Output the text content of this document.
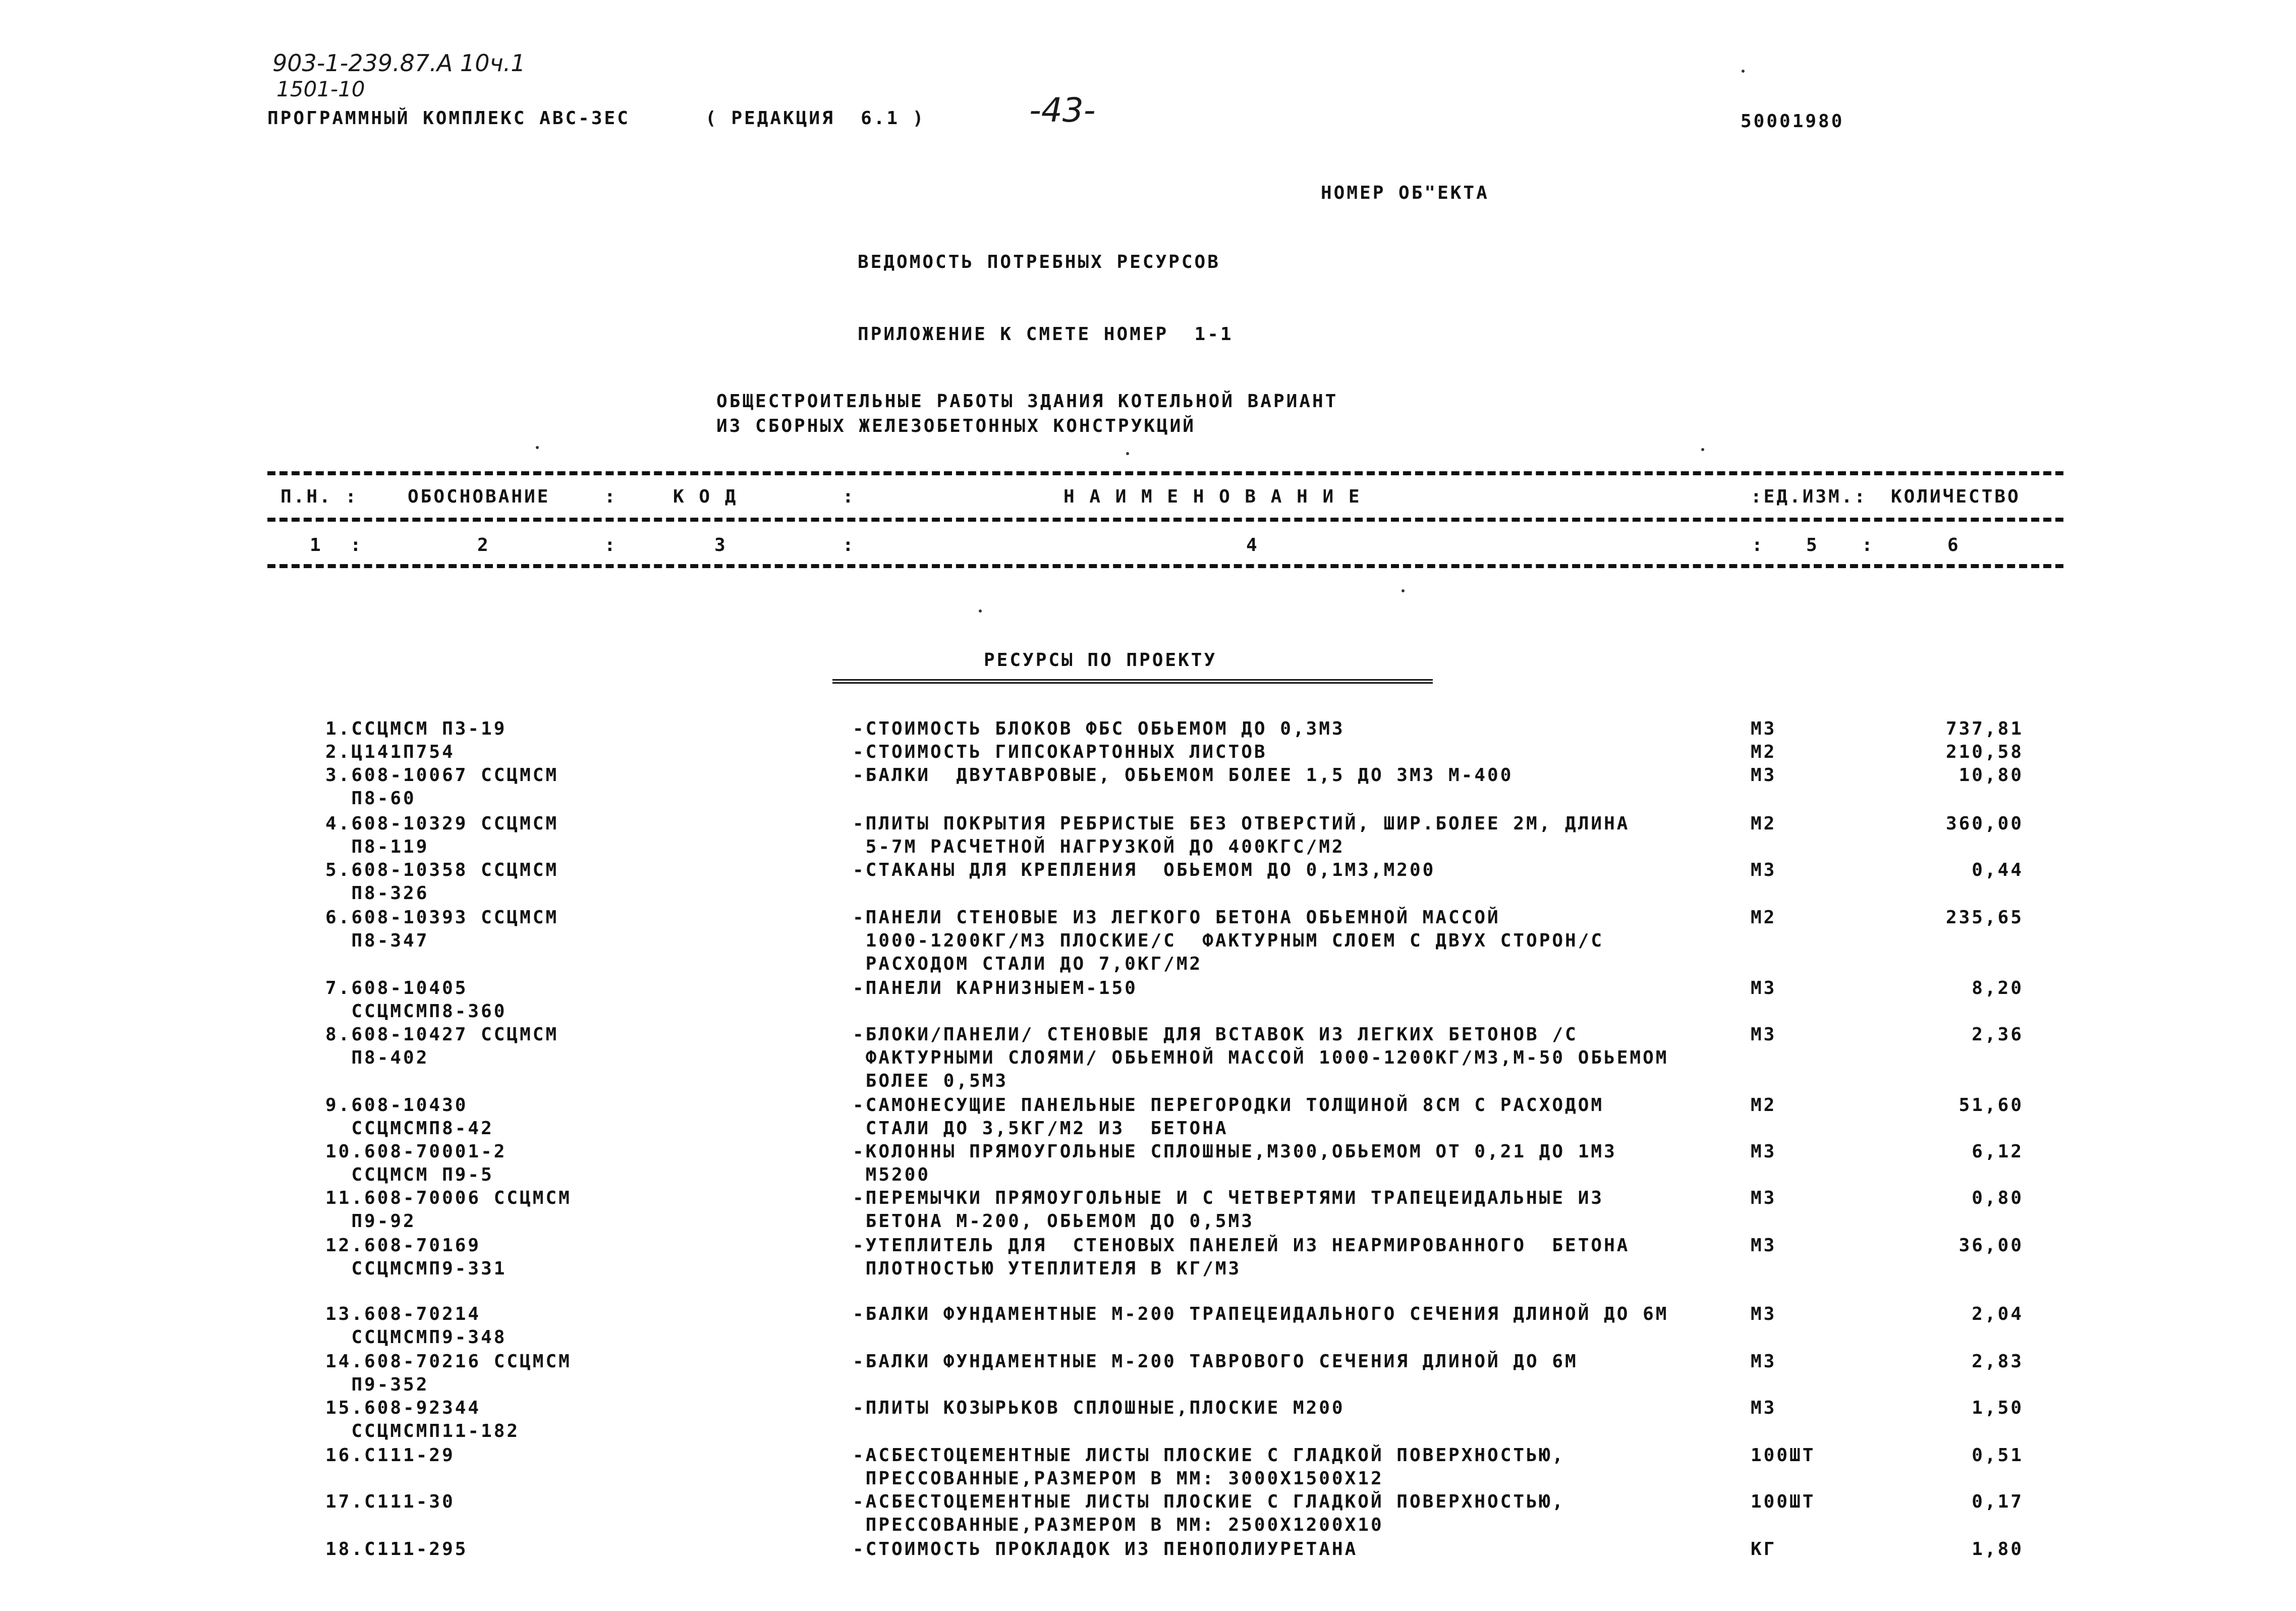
903-1-239.87.А 10ч.1
1501-10
ПРОГРАММНЫЙ КОМПЛЕКС АВС-3ЕС	( РЕДАКЦИЯ  6.1 )	-43-	50001980
НОМЕР ОБ"ЕКТА
ВЕДОМОСТЬ ПОТРЕБНЫХ РЕСУРСОВ
ПРИЛОЖЕНИЕ К СМЕТЕ НОМЕР  1-1
ОБЩЕСТРОИТЕЛЬНЫЕ РАБОТЫ ЗДАНИЯ КОТЕЛЬНОЙ ВАРИАНТ
ИЗ СБОРНЫХ ЖЕЛЕЗОБЕТОННЫХ КОНСТРУКЦИЙ
П.Н. :	ОБОСНОВАНИЕ	:	К О Д	:	Н А И М Е Н О В А Н И Е	:ЕД.ИЗМ.: КОЛИЧЕСТВО
1 :	2	:	3	:	4	: 5 :	6
РЕСУРСЫ ПО ПРОЕКТУ
1.ССЦМСМ П3-19	-СТОИМОСТЬ БЛОКОВ ФБС ОБЬЕМОМ ДО 0,3М3	М3	737,81
2.Ц141П754	-СТОИМОСТЬ ГИПСОКАРТОННЫХ ЛИСТОВ	М2	210,58
3.608-10067 ССЦМСМ
П8-60
-БАЛКИ  ДВУТАВРОВЫЕ, ОБЬЕМОМ БОЛЕЕ 1,5 ДО 3М3 М-400	М3	10,80
4.608-10329 ССЦМСМ
П8-119
-ПЛИТЫ ПОКРЫТИЯ РЕБРИСТЫЕ БЕЗ ОТВЕРСТИЙ, ШИР.БОЛЕЕ 2М, ДЛИНА
5-7М РАСЧЕТНОЙ НАГРУЗКОЙ ДО 400КГС/М2
М2	360,00
5.608-10358 ССЦМСМ
П8-326
-СТАКАНЫ ДЛЯ КРЕПЛЕНИЯ  ОБЬЕМОМ ДО 0,1М3,М200	М3	0,44
6.608-10393 ССЦМСМ
П8-347
-ПАНЕЛИ СТЕНОВЫЕ ИЗ ЛЕГКОГО БЕТОНА ОБЬЕМНОЙ МАССОЙ
1000-1200КГ/М3 ПЛОСКИЕ/С  ФАКТУРНЫМ СЛОЕМ С ДВУХ СТОРОН/С
РАСХОДОМ СТАЛИ ДО 7,0КГ/М2
М2	235,65
7.608-10405
ССЦМСМП8-360
-ПАНЕЛИ КАРНИЗНЫЕМ-150	М3	8,20
8.608-10427 ССЦМСМ
П8-402
-БЛОКИ/ПАНЕЛИ/ СТЕНОВЫЕ ДЛЯ ВСТАВОК ИЗ ЛЕГКИХ БЕТОНОВ /С
ФАКТУРНЫМИ СЛОЯМИ/ ОБЬЕМНОЙ МАССОЙ 1000-1200КГ/М3,М-50 ОБЬЕМОМ
БОЛЕЕ 0,5М3
М3	2,36
9.608-10430
ССЦМСМП8-42
-САМОНЕСУЩИЕ ПАНЕЛЬНЫЕ ПЕРЕГОРОДКИ ТОЛЩИНОЙ 8СМ С РАСХОДОМ
СТАЛИ ДО 3,5КГ/М2 ИЗ  БЕТОНА
М2	51,60
10.608-70001-2
ССЦМСМ П9-5
-КОЛОННЫ ПРЯМОУГОЛЬНЫЕ СПЛОШНЫЕ,М300,ОБЬЕМОМ ОТ 0,21 ДО 1М3
М5200
М3	6,12
11.608-70006 ССЦМСМ
П9-92
-ПЕРЕМЫЧКИ ПРЯМОУГОЛЬНЫЕ И С ЧЕТВЕРТЯМИ ТРАПЕЦЕИДАЛЬНЫЕ ИЗ
БЕТОНА М-200, ОБЬЕМОМ ДО 0,5М3
М3	0,80
12.608-70169
ССЦМСМП9-331
-УТЕПЛИТЕЛЬ ДЛЯ  СТЕНОВЫХ ПАНЕЛЕЙ ИЗ НЕАРМИРОВАННОГО  БЕТОНА
ПЛОТНОСТЬЮ УТЕПЛИТЕЛЯ В КГ/М3
М3	36,00
13.608-70214
ССЦМСМП9-348
-БАЛКИ ФУНДАМЕНТНЫЕ М-200 ТРАПЕЦЕИДАЛЬНОГО СЕЧЕНИЯ ДЛИНОЙ ДО 6М	М3	2,04
14.608-70216 ССЦМСМ
П9-352
-БАЛКИ ФУНДАМЕНТНЫЕ М-200 ТАВРОВОГО СЕЧЕНИЯ ДЛИНОЙ ДО 6М	М3	2,83
15.608-92344
ССЦМСМП11-182
-ПЛИТЫ КОЗЫРЬКОВ СПЛОШНЫЕ,ПЛОСКИЕ М200	М3	1,50
16.С111-29	-АСБЕСТОЦЕМЕНТНЫЕ ЛИСТЫ ПЛОСКИЕ С ГЛАДКОЙ ПОВЕРХНОСТЬЮ,
ПРЕССОВАННЫЕ,РАЗМЕРОМ В ММ: 3000Х1500Х12
100ШТ	0,51
17.С111-30	-АСБЕСТОЦЕМЕНТНЫЕ ЛИСТЫ ПЛОСКИЕ С ГЛАДКОЙ ПОВЕРХНОСТЬЮ,
ПРЕССОВАННЫЕ,РАЗМЕРОМ В ММ: 2500Х1200Х10
100ШТ	0,17
18.С111-295	-СТОИМОСТЬ ПРОКЛАДОК ИЗ ПЕНОПОЛИУРЕТАНА	КГ	1,80
